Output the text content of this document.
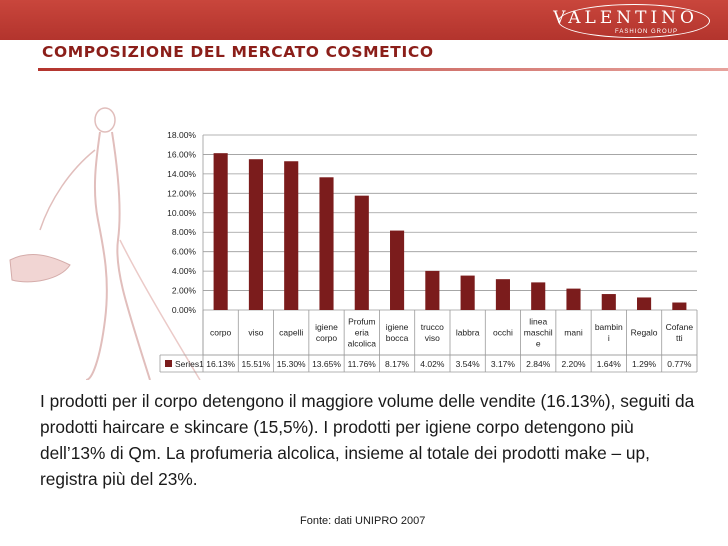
VALENTINO
FASHION GROUP
COMPOSIZIONE DEL MERCATO COSMETICO
0.00%
2.00%
4.00%
6.00%
8.00%
10.00%
12.00%
14.00%
16.00%
18.00%
corpo viso capelli
igiene corpo
Profum eria alcolica
igiene bocca
trucco viso
labbra occhi
linea maschil e
mani
bambin i
Regalo
Cofane tti
Series1 16.13% 15.51% 15.30% 13.65% 11.76% 8.17% 4.02% 3.54% 3.17% 2.84% 2.20% 1.64% 1.29% 0.77%
I prodotti per il corpo detengono il maggiore volume delle vendite (16.13%), seguiti da prodotti haircare e skincare (15,5%). I prodotti per igiene corpo detengono più dell’13% di Qm. La profumeria alcolica, insieme al totale dei prodotti make – up, registra più del 23%.
Fonte: dati UNIPRO 2007
